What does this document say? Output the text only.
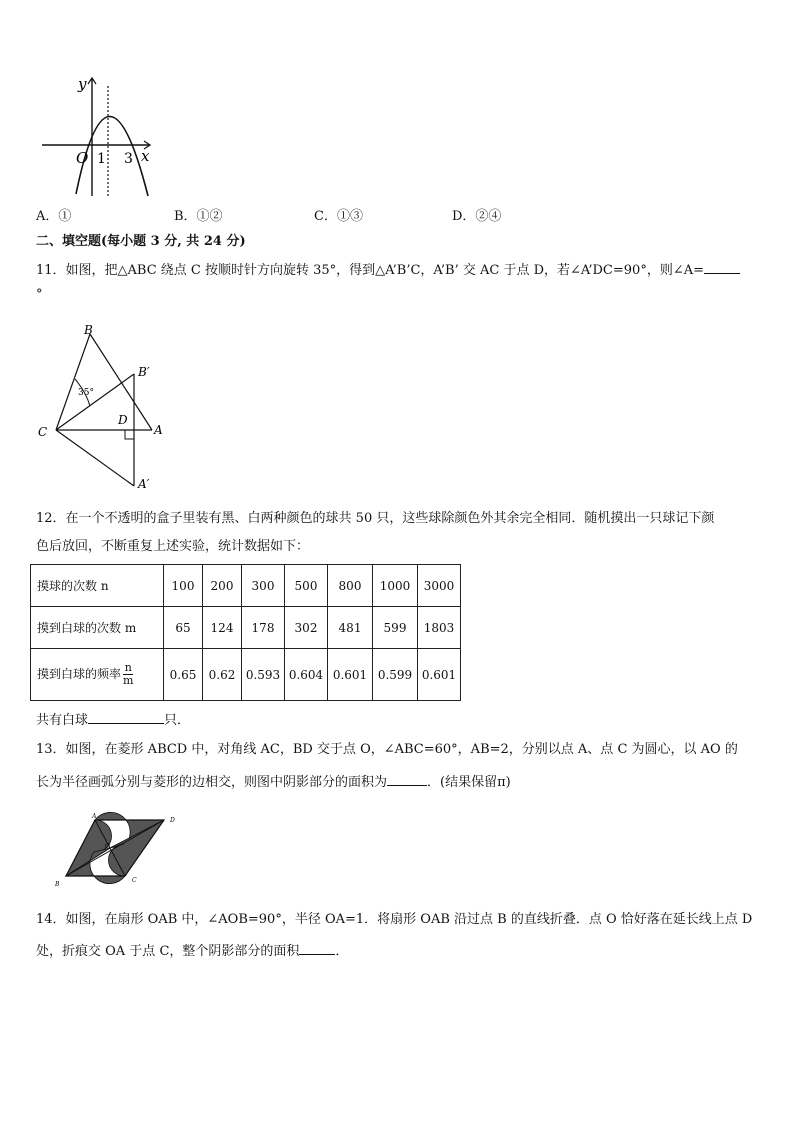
y
x
O 1 3
A．①	B．①②	C．①③	D．②④
二、填空题(每小题 3 分, 共 24 分)
11．如图，把△ABC 绕点 C 按顺时针方向旋转 35°，得到△A’B’C，A’B’ 交 AC 于点 D，若∠A’DC=90°，则∠A=
°
B
B′
C
D
A
A′
35°
12．在一个不透明的盒子里装有黑、白两种颜色的球共 50 只，这些球除颜色外其余完全相同．随机摸出一只球记下颜
色后放回，不断重复上述实验，统计数据如下：
摸球的次数 n	100	200	300	500	800	1000	3000
摸到白球的次数 m	65	124	178	302	481	599	1803
摸到白球的频率 $\frac{n}{m}$	0.65	0.62	0.593	0.604	0.601	0.599	0.601
共有白球	只．
13．如图，在菱形 ABCD 中，对角线 AC，BD 交于点 O，∠ABC=60°，AB=2，分别以点 A、点 C 为圆心，以 AO 的
长为半径画弧分别与菱形的边相交，则图中阴影部分的面积为	．(结果保留π)
A
D
B
C
O
14．如图，在扇形 OAB 中，∠AOB=90°，半径 OA=1．将扇形 OAB 沿过点 B 的直线折叠．点 O 恰好落在延长线上点 D
处，折痕交 OA 于点 C，整个阴影部分的面积	．
